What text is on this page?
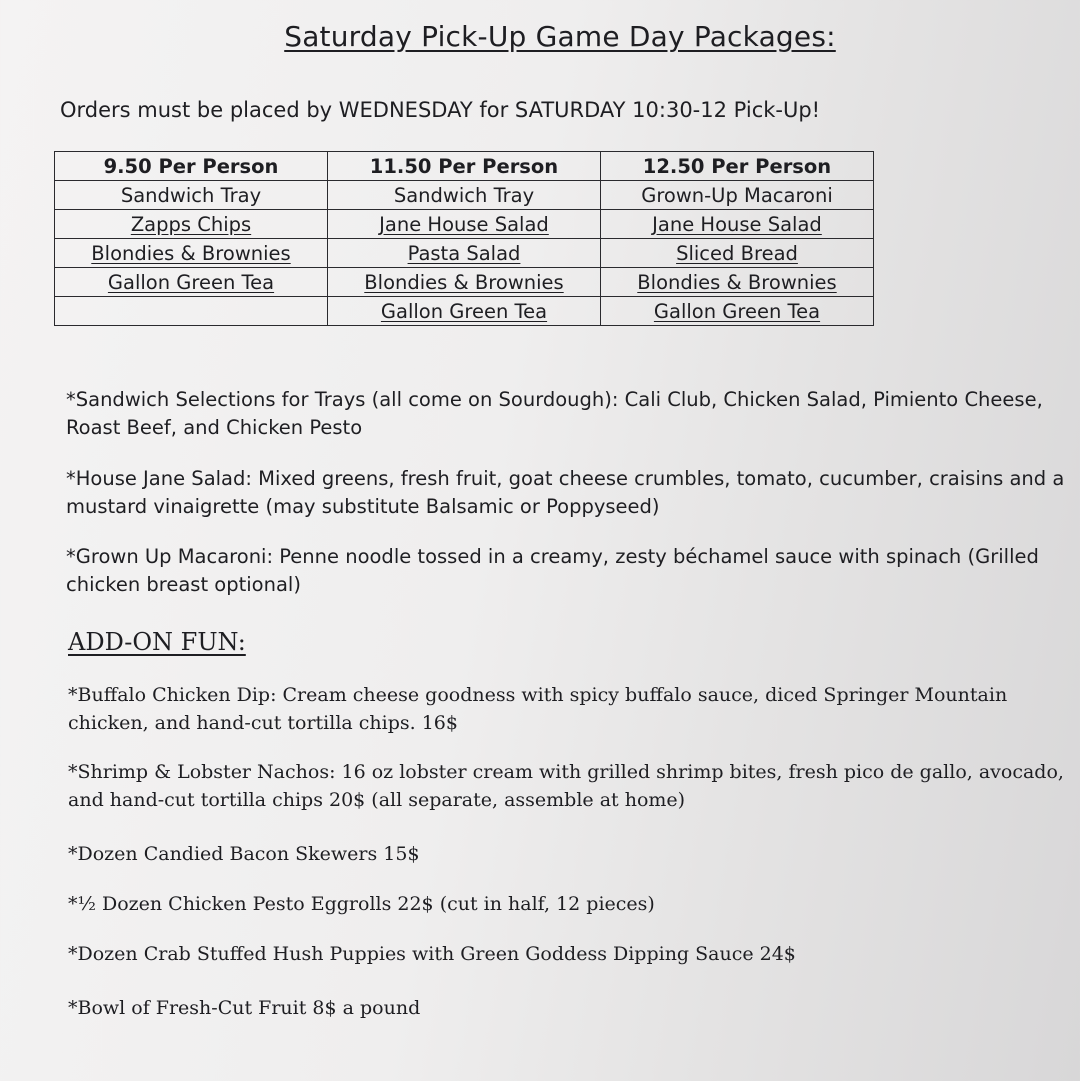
Saturday Pick-Up Game Day Packages:
Orders must be placed by WEDNESDAY for SATURDAY 10:30-12 Pick-Up!
9.50 Per Person	11.50 Per Person	12.50 Per Person
Sandwich Tray	Sandwich Tray	Grown-Up Macaroni
Zapps Chips	Jane House Salad	Jane House Salad
Blondies & Brownies	Pasta Salad	Sliced Bread
Gallon Green Tea	Blondies & Brownies	Blondies & Brownies
	Gallon Green Tea	Gallon Green Tea
*Sandwich Selections for Trays (all come on Sourdough): Cali Club, Chicken Salad, Pimiento Cheese, Roast Beef, and Chicken Pesto
*House Jane Salad: Mixed greens, fresh fruit, goat cheese crumbles, tomato, cucumber, craisins and a mustard vinaigrette (may substitute Balsamic or Poppyseed)
*Grown Up Macaroni: Penne noodle tossed in a creamy, zesty béchamel sauce with spinach (Grilled chicken breast optional)
ADD-ON FUN:
*Buffalo Chicken Dip: Cream cheese goodness with spicy buffalo sauce, diced Springer Mountain chicken, and hand-cut tortilla chips. 16$
*Shrimp & Lobster Nachos: 16 oz lobster cream with grilled shrimp bites, fresh pico de gallo, avocado, and hand-cut tortilla chips 20$ (all separate, assemble at home)
*Dozen Candied Bacon Skewers 15$
*½ Dozen Chicken Pesto Eggrolls 22$ (cut in half, 12 pieces)
*Dozen Crab Stuffed Hush Puppies with Green Goddess Dipping Sauce 24$
*Bowl of Fresh-Cut Fruit 8$ a pound
